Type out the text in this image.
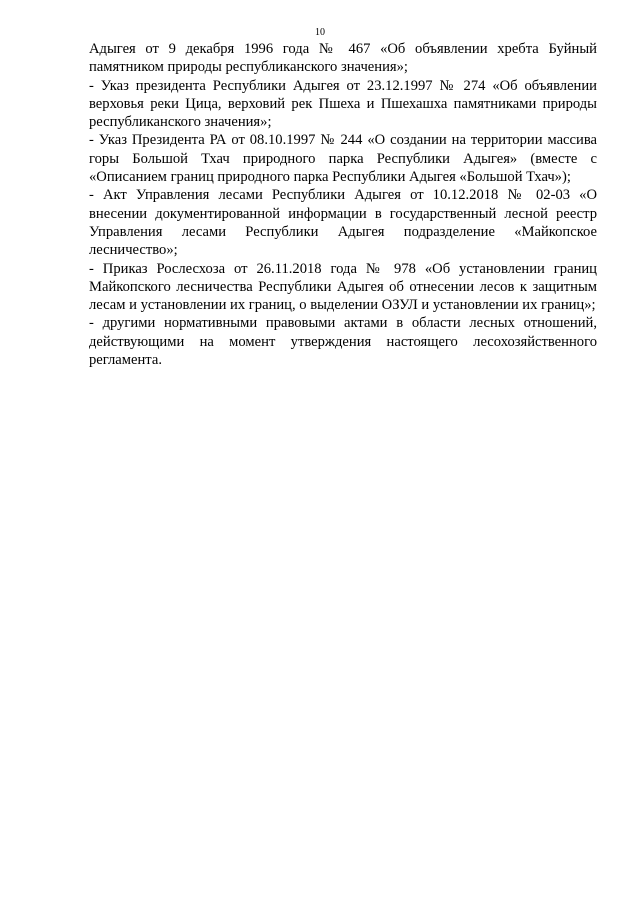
10

Адыгея от 9 декабря 1996 года № 467 «Об объявлении хребта Буйный памятником природы республиканского значения»;

- Указ президента Республики Адыгея от 23.12.1997 № 274 «Об объявлении верховья реки Цица, верховий рек Пшеха и Пшехашха памятниками природы республиканского значения»;

- Указ Президента РА от 08.10.1997 № 244 «О создании на территории массива горы Большой Тхач природного парка Республики Адыгея» (вместе с «Описанием границ природного парка Республики Адыгея «Большой Тхач»);

- Акт Управления лесами Республики Адыгея от 10.12.2018 № 02-03 «О внесении документированной информации в государственный лесной реестр Управления лесами Республики Адыгея подразделение «Майкопское лесничество»;

- Приказ Рослесхоза от 26.11.2018 года № 978 «Об установлении границ Майкопского лесничества Республики Адыгея об отнесении лесов к защитным лесам и установлении их границ, о выделении ОЗУЛ и установлении их границ»;

- другими нормативными правовыми актами в области лесных отношений, действующими на момент утверждения настоящего лесохозяйственного регламента.
